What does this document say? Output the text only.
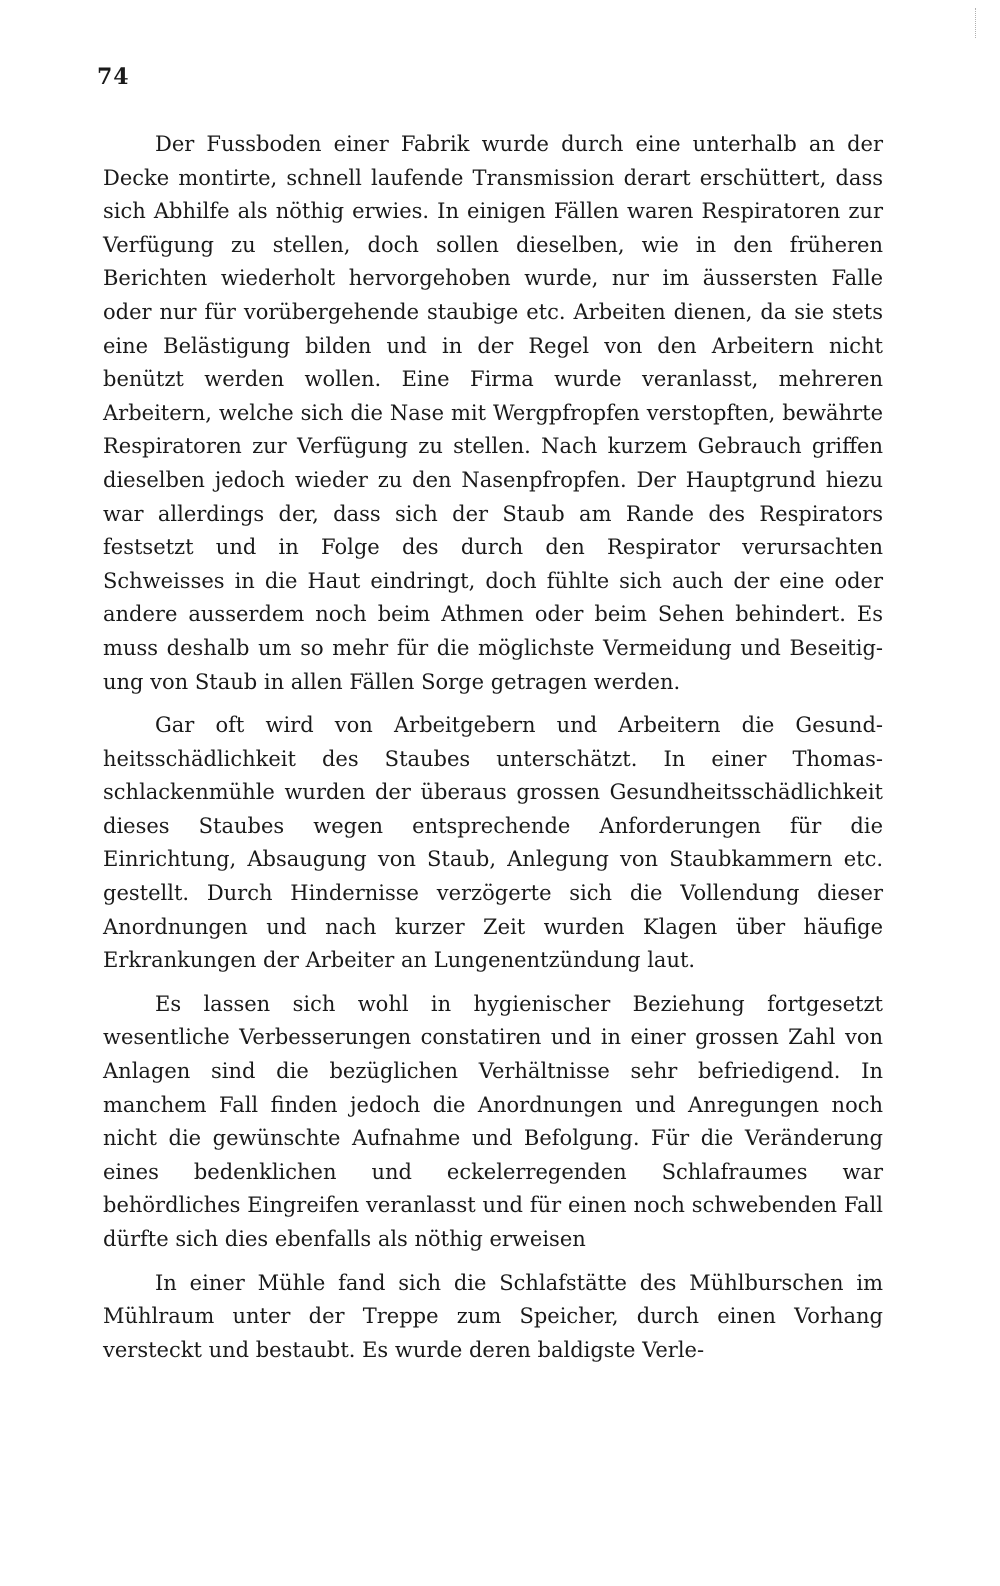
74

Der Fussboden einer Fabrik wurde durch eine unterhalb an der Decke montirte, schnell laufende Transmission derart erschüttert, dass sich Abhilfe als nöthig erwies. In einigen Fällen waren Respiratoren zur Verfügung zu stellen, doch sollen dieselben, wie in den früheren Berichten wiederholt hervorgehoben wurde, nur im äussersten Falle oder nur für vorübergehende staubige etc. Arbeiten dienen, da sie stets eine Belästigung bilden und in der Regel von den Arbeitern nicht benützt werden wollen. Eine Firma wurde veranlasst, mehreren Arbeitern, welche sich die Nase mit Wergpfropfen verstopften, bewährte Respiratoren zur Verfügung zu stellen. Nach kurzem Gebrauch griffen dieselben jedoch wieder zu den Nasenpfropfen. Der Hauptgrund hiezu war allerdings der, dass sich der Staub am Rande des Respirators festsetzt und in Folge des durch den Respirator verursachten Schweisses in die Haut eindringt, doch fühlte sich auch der eine oder andere ausserdem noch beim Athmen oder beim Sehen behindert. Es muss deshalb um so mehr für die möglichste Vermeidung und Beseitigung von Staub in allen Fällen Sorge getragen werden.

Gar oft wird von Arbeitgebern und Arbeitern die Gesundheitsschädlichkeit des Staubes unterschätzt. In einer Thomasschlackenmühle wurden der überaus grossen Gesundheitsschädlichkeit dieses Staubes wegen entsprechende Anforderungen für die Einrichtung, Absaugung von Staub, Anlegung von Staubkammern etc. gestellt. Durch Hindernisse verzögerte sich die Vollendung dieser Anordnungen und nach kurzer Zeit wurden Klagen über häufige Erkrankungen der Arbeiter an Lungenentzündung laut.

Es lassen sich wohl in hygienischer Beziehung fortgesetzt wesentliche Verbesserungen constatiren und in einer grossen Zahl von Anlagen sind die bezüglichen Verhältnisse sehr befriedigend. In manchem Fall finden jedoch die Anordnungen und Anregungen noch nicht die gewünschte Aufnahme und Befolgung. Für die Veränderung eines bedenklichen und eckelerregenden Schlafraumes war behördliches Eingreifen veranlasst und für einen noch schwebenden Fall dürfte sich dies ebenfalls als nöthig erweisen

In einer Mühle fand sich die Schlafstätte des Mühlburschen im Mühlraum unter der Treppe zum Speicher, durch einen Vorhang versteckt und bestaubt. Es wurde deren baldigste Verle-
